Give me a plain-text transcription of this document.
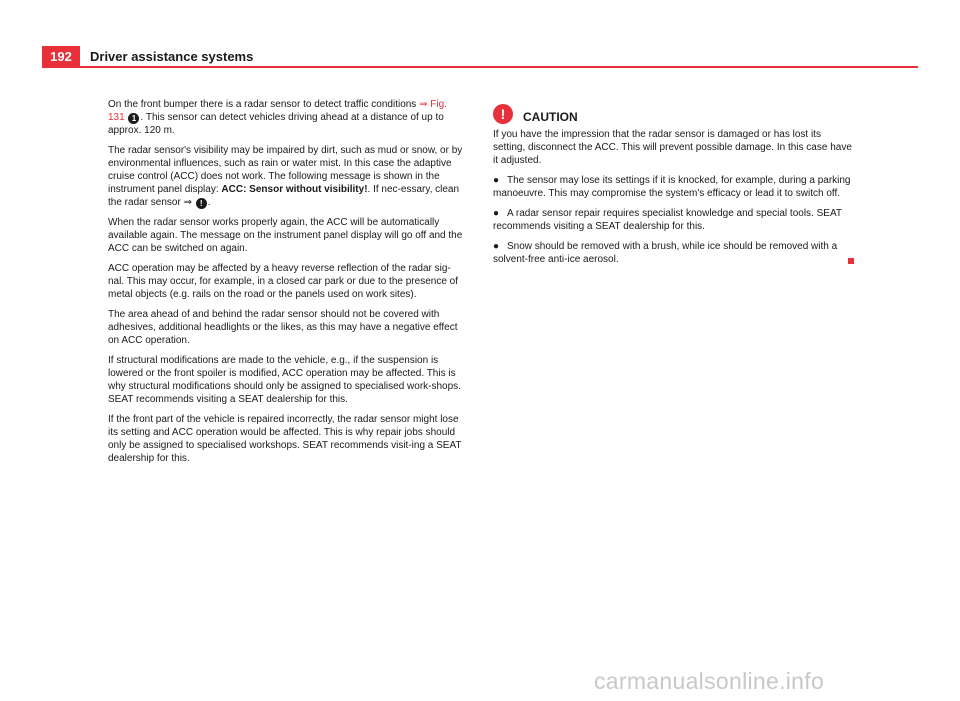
192	Driver assistance systems

On the front bumper there is a radar sensor to detect traffic conditions ⇒ Fig. 131 1 . This sensor can detect vehicles driving ahead at a distance of up to approx. 120 m.

The radar sensor's visibility may be impaired by dirt, such as mud or snow, or by environmental influences, such as rain or water mist. In this case the adaptive cruise control (ACC) does not work. The following message is shown in the instrument panel display: ACC: Sensor without visibility!. If nec-essary, clean the radar sensor ⇒ ! .

When the radar sensor works properly again, the ACC will be automatically available again. The message on the instrument panel display will go off and the ACC can be switched on again.

ACC operation may be affected by a heavy reverse reflection of the radar sig-nal. This may occur, for example, in a closed car park or due to the presence of metal objects (e.g. rails on the road or the panels used on work sites).

The area ahead of and behind the radar sensor should not be covered with adhesives, additional headlights or the likes, as this may have a negative effect on ACC operation.

If structural modifications are made to the vehicle, e.g., if the suspension is lowered or the front spoiler is modified, ACC operation may be affected. This is why structural modifications should only be assigned to specialised work-shops. SEAT recommends visiting a SEAT dealership for this.

If the front part of the vehicle is repaired incorrectly, the radar sensor might lose its setting and ACC operation would be affected. This is why repair jobs should only be assigned to specialised workshops. SEAT recommends visit-ing a SEAT dealership for this.

!	CAUTION

If you have the impression that the radar sensor is damaged or has lost its setting, disconnect the ACC. This will prevent possible damage. In this case have it adjusted.

● The sensor may lose its settings if it is knocked, for example, during a parking manoeuvre. This may compromise the system's efficacy or lead it to switch off.

● A radar sensor repair requires specialist knowledge and special tools. SEAT recommends visiting a SEAT dealership for this.

● Snow should be removed with a brush, while ice should be removed with a solvent-free anti-ice aerosol.

carmanualsonline.info
